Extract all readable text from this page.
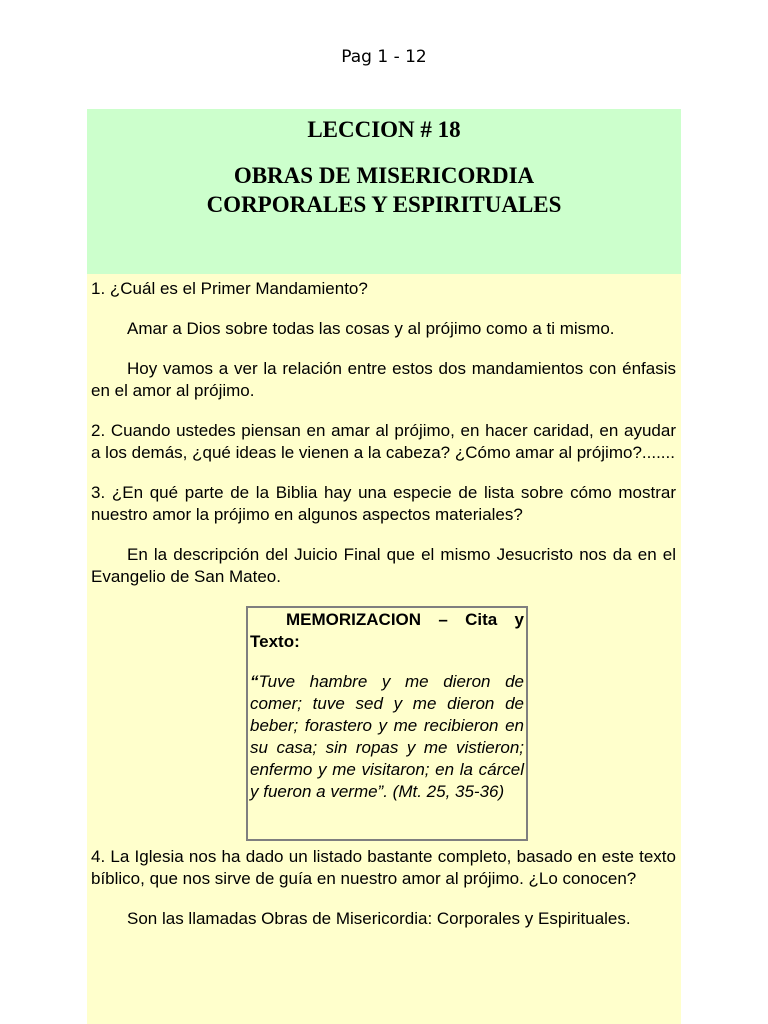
Pag 1 - 12
LECCION # 18
OBRAS DE MISERICORDIA
CORPORALES Y ESPIRITUALES

1. ¿Cuál es el Primer Mandamiento?

Amar a Dios sobre todas las cosas y al prójimo como a ti mismo.

Hoy vamos a ver la relación entre estos dos mandamientos con énfasis en el amor al prójimo.

2. Cuando ustedes piensan en amar al prójimo, en hacer caridad, en ayudar a los demás, ¿qué ideas le vienen a la cabeza? ¿Cómo amar al prójimo?.......

3. ¿En qué parte de la Biblia hay una especie de lista sobre cómo mostrar nuestro amor la prójimo en algunos aspectos materiales?

En la descripción del Juicio Final que el mismo Jesucristo nos da en el Evangelio de San Mateo.

MEMORIZACION – Cita y Texto:

“Tuve hambre y me dieron de comer; tuve sed y me dieron de beber; forastero y me recibieron en su casa; sin ropas y me vistieron; enfermo y me visitaron; en la cárcel y fueron a verme”. (Mt. 25, 35-36)

4. La Iglesia nos ha dado un listado bastante completo, basado en este texto bíblico, que nos sirve de guía en nuestro amor al prójimo. ¿Lo conocen?

Son las llamadas Obras de Misericordia: Corporales y Espirituales.
